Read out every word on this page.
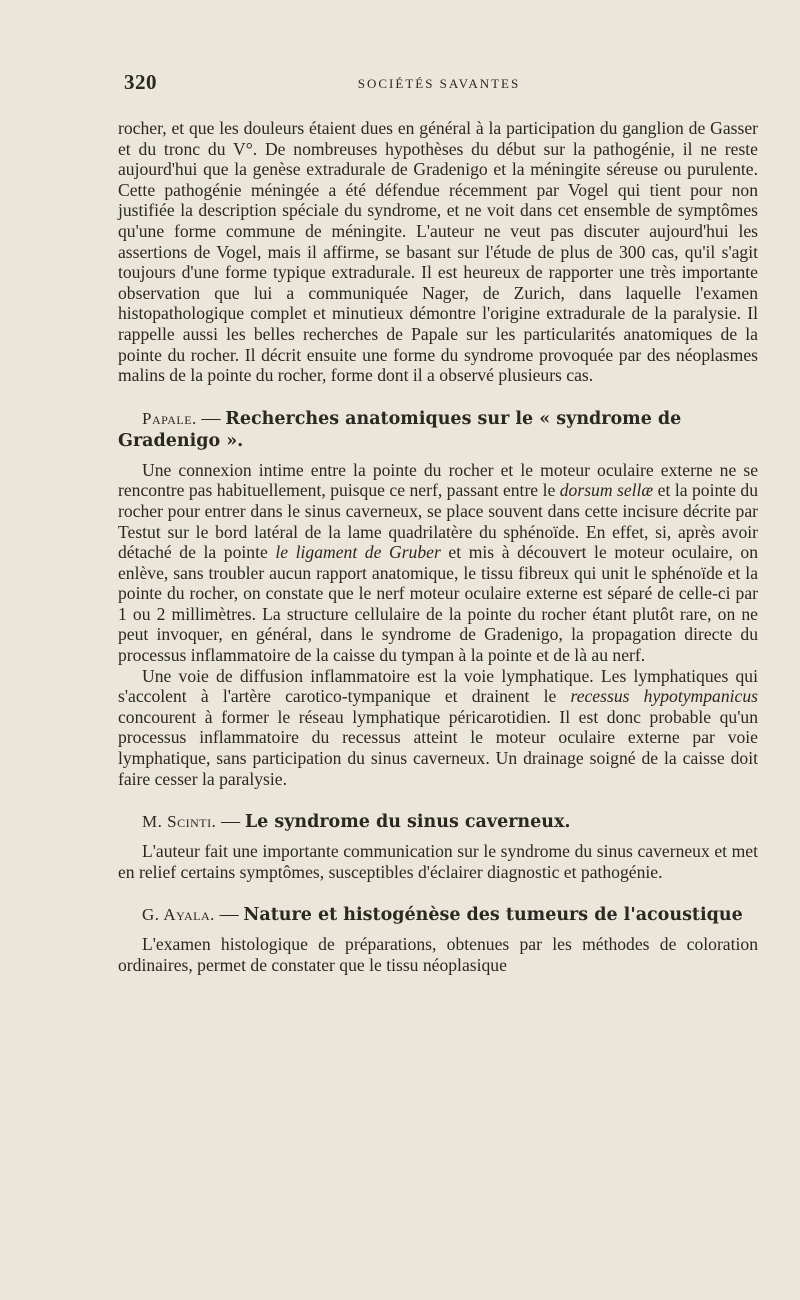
320	SOCIÉTÉS SAVANTES

rocher, et que les douleurs étaient dues en général à la participation du ganglion de Gasser et du tronc du V°. De nombreuses hypothèses du début sur la pathogénie, il ne reste aujourd'hui que la genèse extradurale de Gradenigo et la méningite séreuse ou purulente. Cette pathogénie méningée a été défendue récemment par Vogel qui tient pour non justifiée la description spéciale du syndrome, et ne voit dans cet ensemble de symptômes qu'une forme commune de méningite. L'auteur ne veut pas discuter aujourd'hui les assertions de Vogel, mais il affirme, se basant sur l'étude de plus de 300 cas, qu'il s'agit toujours d'une forme typique extradurale. Il est heureux de rapporter une très importante observation que lui a communiquée Nager, de Zurich, dans laquelle l'examen histopathologique complet et minutieux démontre l'origine extradurale de la paralysie. Il rappelle aussi les belles recherches de Papale sur les particularités anatomiques de la pointe du rocher. Il décrit ensuite une forme du syndrome provoquée par des néoplasmes malins de la pointe du rocher, forme dont il a observé plusieurs cas.

Papale. — Recherches anatomiques sur le « syndrome de Gradenigo ».

Une connexion intime entre la pointe du rocher et le moteur oculaire externe ne se rencontre pas habituellement, puisque ce nerf, passant entre le dorsum sellæ et la pointe du rocher pour entrer dans le sinus caverneux, se place souvent dans cette incisure décrite par Testut sur le bord latéral de la lame quadrilatère du sphénoïde. En effet, si, après avoir détaché de la pointe le ligament de Gruber et mis à découvert le moteur oculaire, on enlève, sans troubler aucun rapport anatomique, le tissu fibreux qui unit le sphénoïde et la pointe du rocher, on constate que le nerf moteur oculaire externe est séparé de celle-ci par 1 ou 2 millimètres. La structure cellulaire de la pointe du rocher étant plutôt rare, on ne peut invoquer, en général, dans le syndrome de Gradenigo, la propagation directe du processus inflammatoire de la caisse du tympan à la pointe et de là au nerf.

Une voie de diffusion inflammatoire est la voie lymphatique. Les lymphatiques qui s'accolent à l'artère carotico-tympanique et drainent le recessus hypotympanicus concourent à former le réseau lymphatique péricarotidien. Il est donc probable qu'un processus inflammatoire du recessus atteint le moteur oculaire externe par voie lymphatique, sans participation du sinus caverneux. Un drainage soigné de la caisse doit faire cesser la paralysie.

M. Scinti. — Le syndrome du sinus caverneux.

L'auteur fait une importante communication sur le syndrome du sinus caverneux et met en relief certains symptômes, susceptibles d'éclairer diagnostic et pathogénie.

G. Ayala. — Nature et histogénèse des tumeurs de l'acoustique

L'examen histologique de préparations, obtenues par les méthodes de coloration ordinaires, permet de constater que le tissu néoplasique
